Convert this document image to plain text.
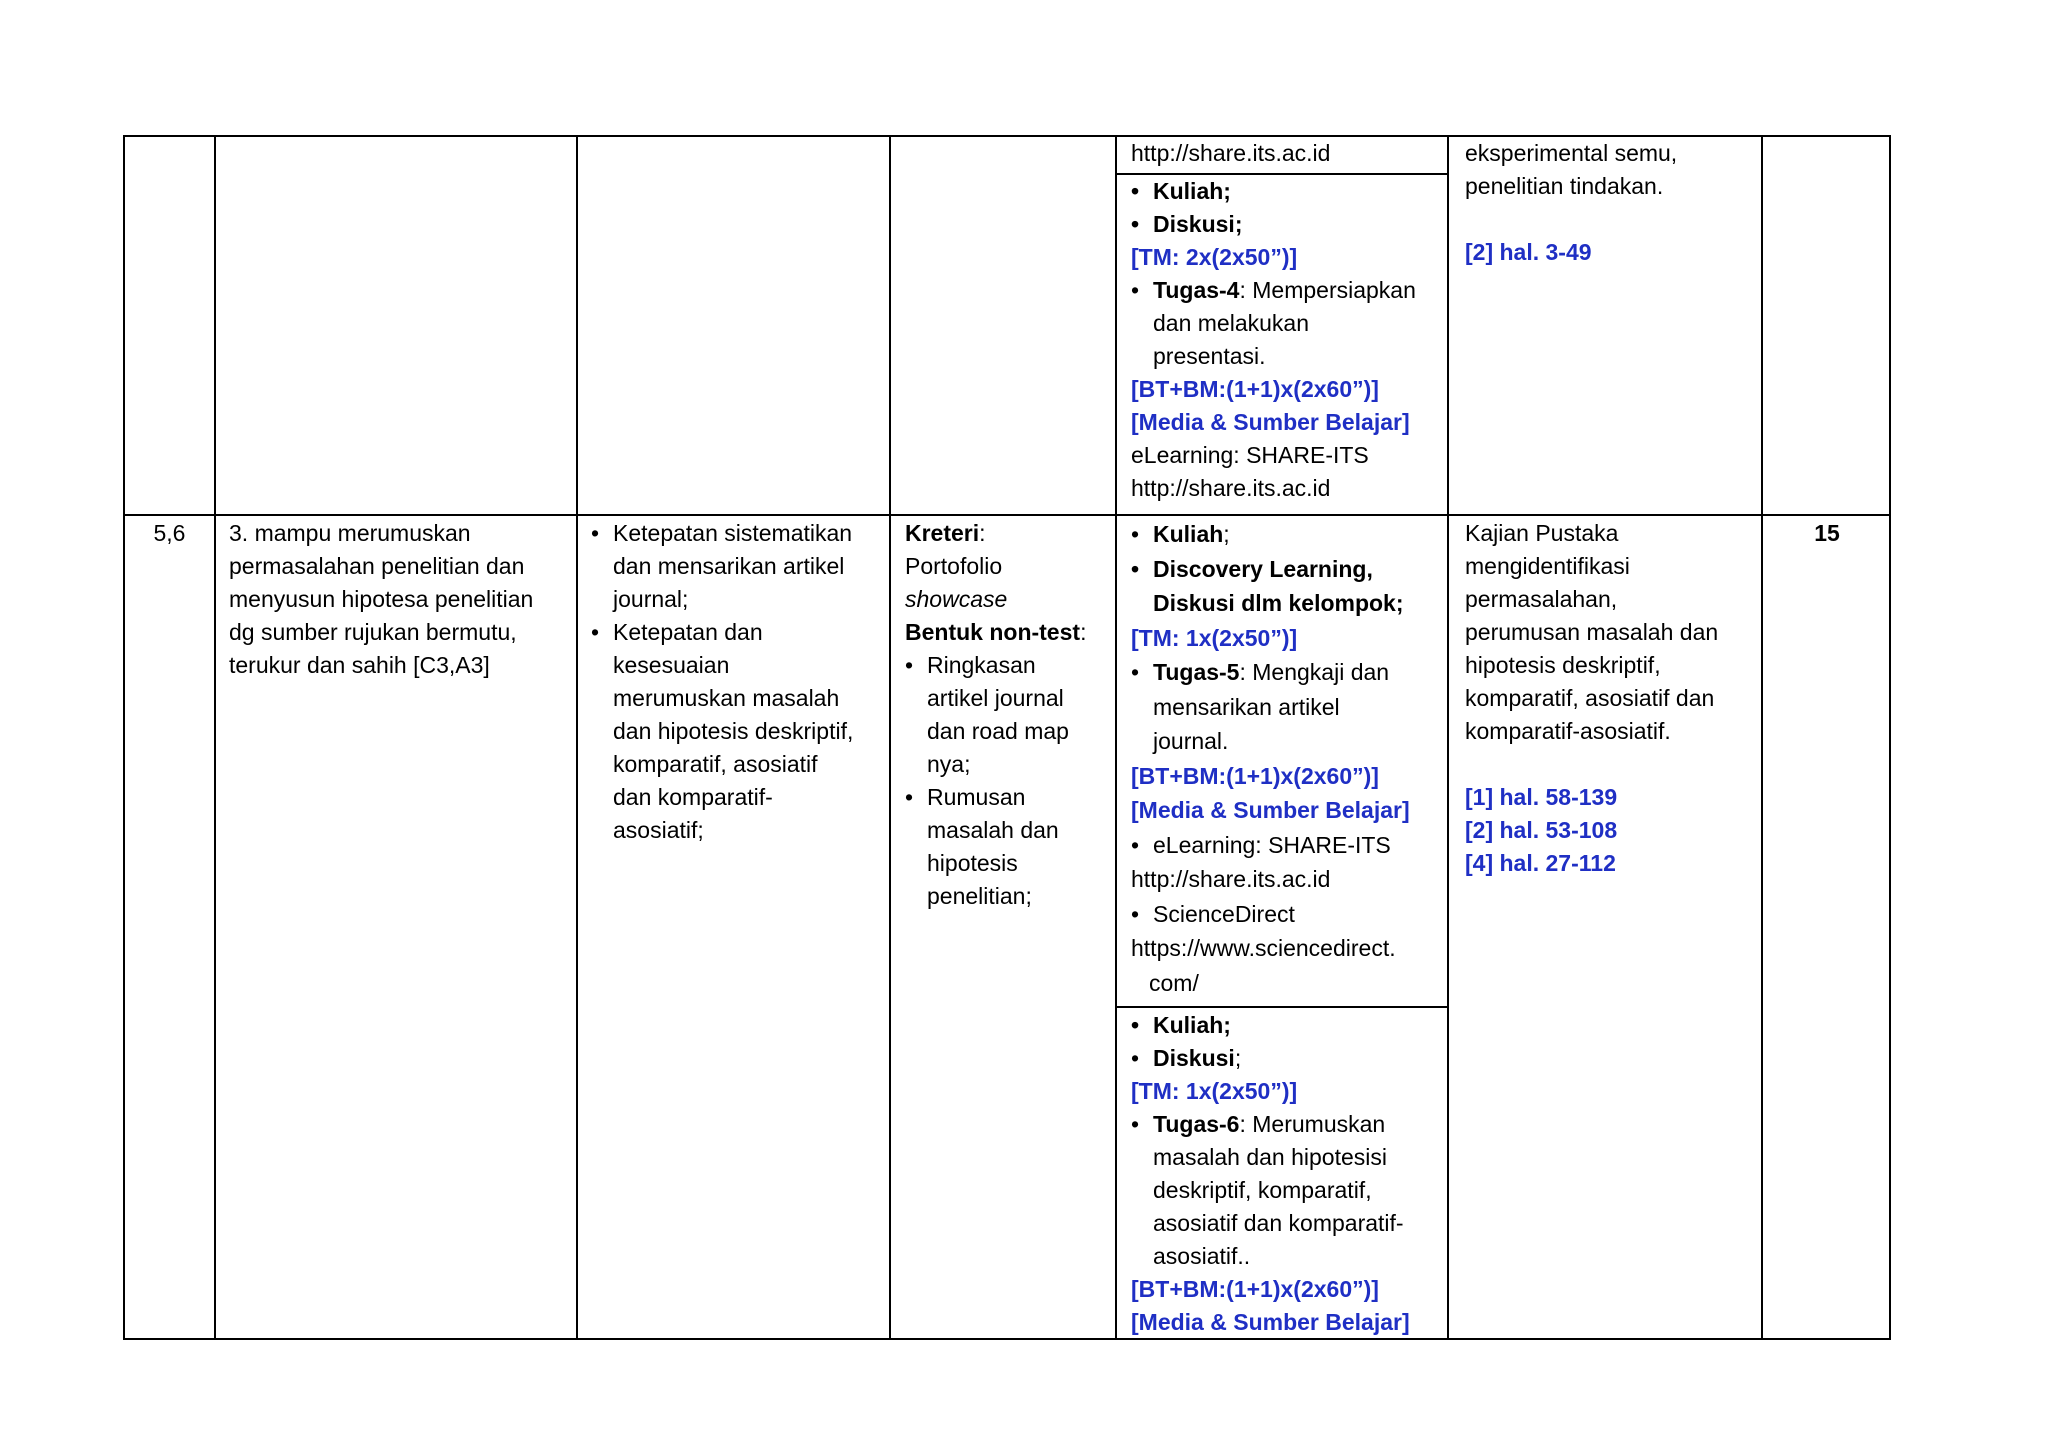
http://share.its.ac.id

• Kuliah;
• Diskusi;

[TM: 2x(2x50”)]

• Tugas-4: Mempersiapkan
dan melakukan
presentasi.

[BT+BM:(1+1)x(2x60”)]

[Media & Sumber Belajar]

eLearning: SHARE-ITS

http://share.its.ac.id

eksperimental semu,

penelitian tindakan.

[2] hal. 3-49

5,6	3. mampu merumuskan

permasalahan penelitian dan

menyusun hipotesa penelitian

dg sumber rujukan bermutu,

terukur dan sahih [C3,A3]

• Ketepatan sistematikan
dan mensarikan artikel
journal;
• Ketepatan dan
kesesuaian
merumuskan masalah
dan hipotesis deskriptif,
komparatif, asosiatif
dan komparatif-
asosiatif;

Kreteri:

Portofolio

showcase

Bentuk non-test:

• Ringkasan
artikel journal
dan road map
nya;
• Rumusan
masalah dan
hipotesis
penelitian;
• Kuliah;
• Discovery Learning,
Diskusi dlm kelompok;

[TM: 1x(2x50”)]

• Tugas-5: Mengkaji dan
mensarikan artikel
journal.

[BT+BM:(1+1)x(2x60”)]

[Media & Sumber Belajar]

• eLearning: SHARE-ITS

http://share.its.ac.id

• ScienceDirect

https://www.sciencedirect.
com/

• Kuliah;
• Diskusi;

[TM: 1x(2x50”)]

• Tugas-6: Merumuskan
masalah dan hipotesisi
deskriptif, komparatif,
asosiatif dan komparatif-
asosiatif..

[BT+BM:(1+1)x(2x60”)]

[Media & Sumber Belajar]

Kajian Pustaka

mengidentifikasi

permasalahan,

perumusan masalah dan

hipotesis deskriptif,

komparatif, asosiatif dan

komparatif-asosiatif.

[1] hal. 58-139

[2] hal. 53-108

[4] hal. 27-112

15
